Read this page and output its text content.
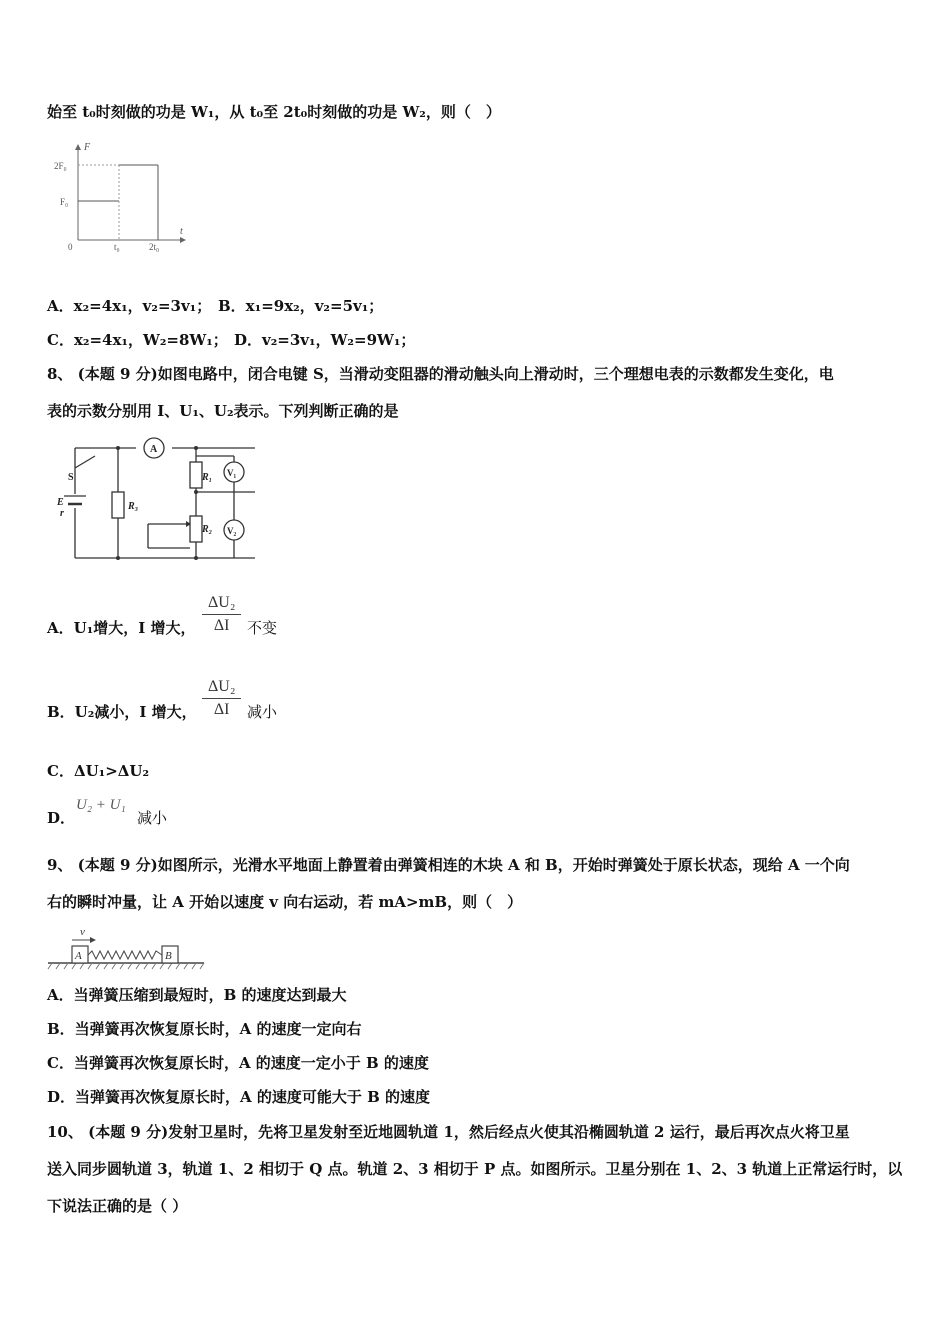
始至 t₀时刻做的功是 W₁，从 t₀至 2t₀时刻做的功是 W₂，则（　）
F
t
0
2F₀
F₀
t₀	2t₀
A．x₂=4x₁，v₂=3v₁； B．x₁=9x₂，v₂=5v₁；
C．x₂=4x₁，W₂=8W₁； D．v₂=3v₁，W₂=9W₁；
8、 (本题 9 分)如图电路中，闭合电键 S，当滑动变阻器的滑动触头向上滑动时，三个理想电表的示数都发生变化，电
表的示数分别用 I、U₁、U₂表示。下列判断正确的是
A
V₁
V₂
R₁
R₂
R₃
S
E
r
A．U₁增大，I 增大，
ΔU₂
ΔI	不变
B．U₂减小，I 增大，
ΔU₂
ΔI	减小
C．ΔU₁>ΔU₂
D．
U₂ + U₁
减小
9、 (本题 9 分)如图所示，光滑水平地面上静置着由弹簧相连的木块 A 和 B，开始时弹簧处于原长状态，现给 A 一个向
右的瞬时冲量，让 A 开始以速度 v 向右运动，若 mA>mB，则（　）
v
A	B
A．当弹簧压缩到最短时，B 的速度达到最大
B．当弹簧再次恢复原长时，A 的速度一定向右
C．当弹簧再次恢复原长时，A 的速度一定小于 B 的速度
D．当弹簧再次恢复原长时，A 的速度可能大于 B 的速度
10、 (本题 9 分)发射卫星时，先将卫星发射至近地圆轨道 1，然后经点火使其沿椭圆轨道 2 运行，最后再次点火将卫星
送入同步圆轨道 3，轨道 1、2 相切于 Q 点。轨道 2、3 相切于 P 点。如图所示。卫星分别在 1、2、3 轨道上正常运行时，以
下说法正确的是（ ）
